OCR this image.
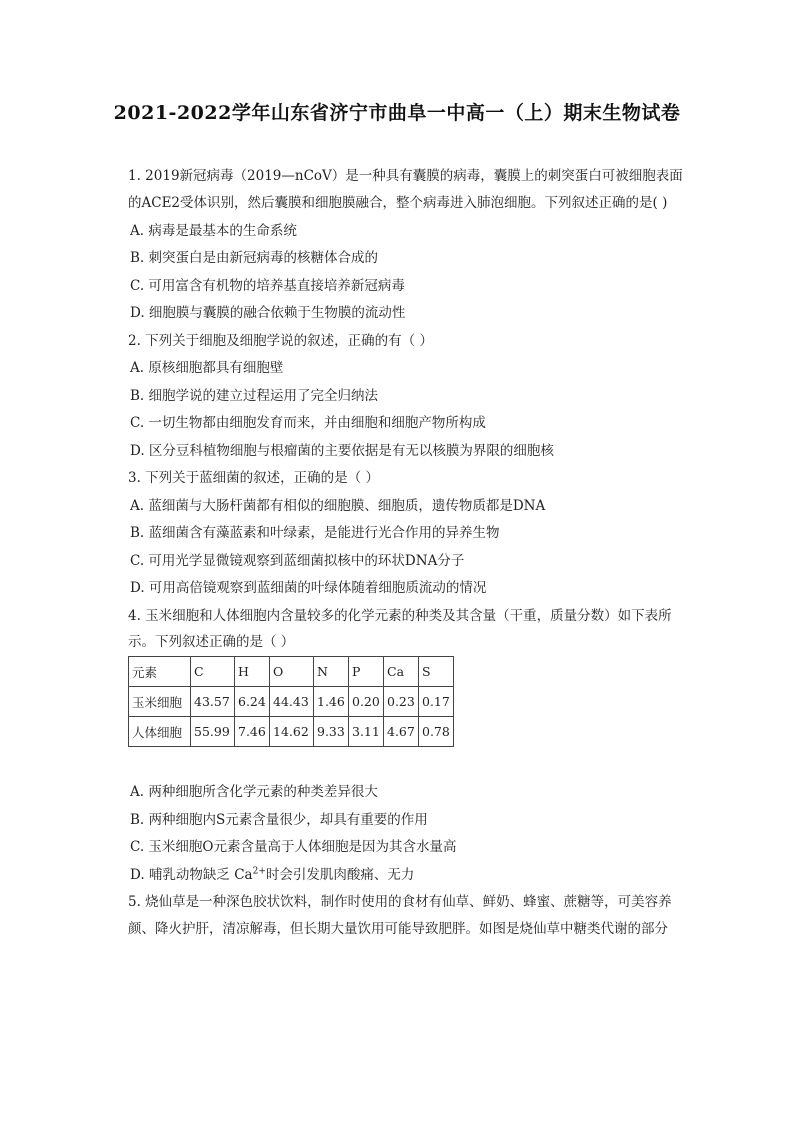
2021-2022学年山东省济宁市曲阜一中高一（上）期末生物试卷
1. 2019新冠病毒（2019—nCoV）是一种具有囊膜的病毒，囊膜上的刺突蛋白可被细胞表面
的ACE2受体识别，然后囊膜和细胞膜融合，整个病毒进入肺泡细胞。下列叙述正确的是( )
A. 病毒是最基本的生命系统
B. 刺突蛋白是由新冠病毒的核糖体合成的
C. 可用富含有机物的培养基直接培养新冠病毒
D. 细胞膜与囊膜的融合依赖于生物膜的流动性
2. 下列关于细胞及细胞学说的叙述，正确的有（ ）
A. 原核细胞都具有细胞壁
B. 细胞学说的建立过程运用了完全归纳法
C. 一切生物都由细胞发育而来，并由细胞和细胞产物所构成
D. 区分豆科植物细胞与根瘤菌的主要依据是有无以核膜为界限的细胞核
3. 下列关于蓝细菌的叙述，正确的是（ ）
A. 蓝细菌与大肠杆菌都有相似的细胞膜、细胞质，遗传物质都是DNA
B. 蓝细菌含有藻蓝素和叶绿素，是能进行光合作用的异养生物
C. 可用光学显微镜观察到蓝细菌拟核中的环状DNA分子
D. 可用高倍镜观察到蓝细菌的叶绿体随着细胞质流动的情况
4. 玉米细胞和人体细胞内含量较多的化学元素的种类及其含量（干重，质量分数）如下表所
示。下列叙述正确的是（ ）
元素	C	H	O	N	P	Ca	S
玉米细胞	43.57	6.24	44.43	1.46	0.20	0.23	0.17
人体细胞	55.99	7.46	14.62	9.33	3.11	4.67	0.78
A. 两种细胞所含化学元素的种类差异很大
B. 两种细胞内S元素含量很少，却具有重要的作用
C. 玉米细胞O元素含量高于人体细胞是因为其含水量高
D. 哺乳动物缺乏 $Ca^{2+}$时会引发肌肉酸痛、无力
5. 烧仙草是一种深色胶状饮料，制作时使用的食材有仙草、鲜奶、蜂蜜、蔗糖等，可美容养
颜、降火护肝，清凉解毒，但长期大量饮用可能导致肥胖。如图是烧仙草中糖类代谢的部分
